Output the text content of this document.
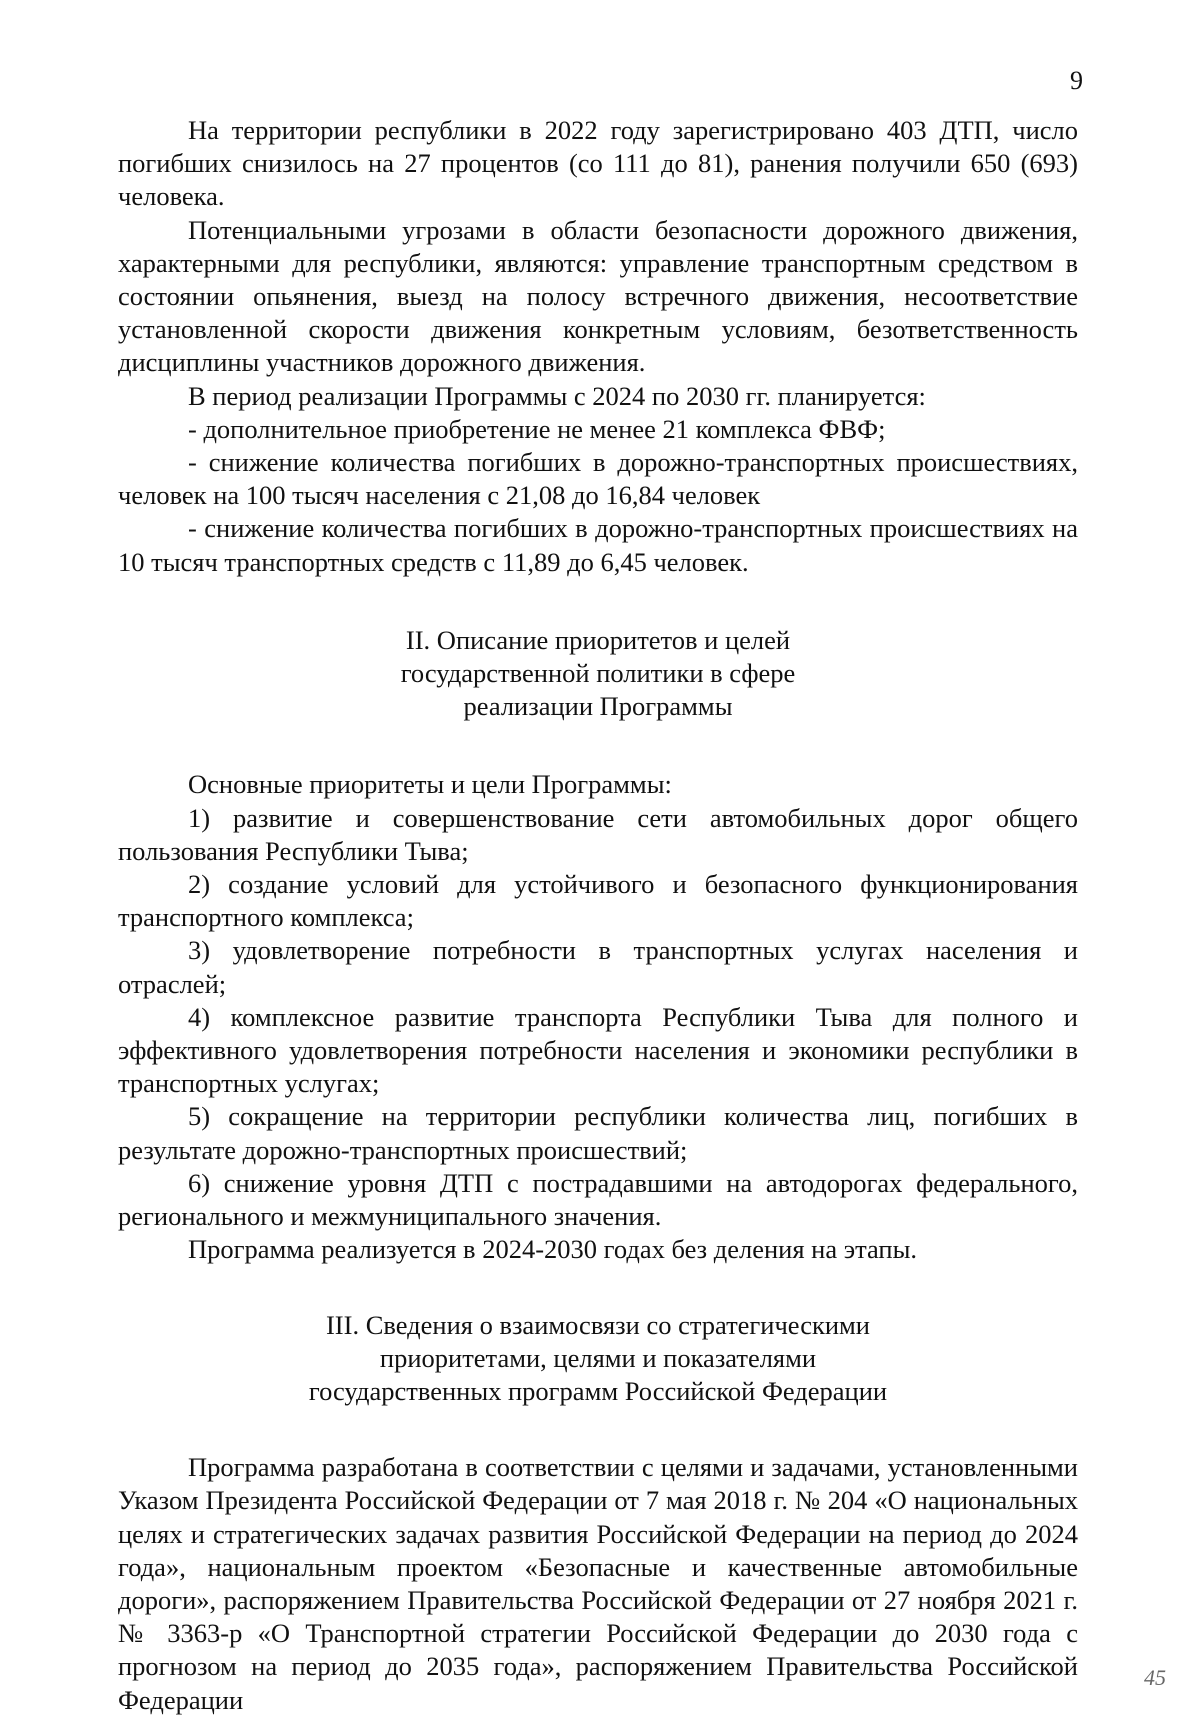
9

На территории республики в 2022 году зарегистрировано 403 ДТП, число погибших снизилось на 27 процентов (со 111 до 81), ранения получили 650 (693) человека.

Потенциальными угрозами в области безопасности дорожного движения, характерными для республики, являются: управление транспортным средством в состоянии опьянения, выезд на полосу встречного движения, несоответствие установленной скорости движения конкретным условиям, безответственность дисциплины участников дорожного движения.

В период реализации Программы с 2024 по 2030 гг. планируется:

- дополнительное приобретение не менее 21 комплекса ФВФ;

- снижение количества погибших в дорожно-транспортных происшествиях, человек на 100 тысяч населения с 21,08 до 16,84 человек

- снижение количества погибших в дорожно-транспортных происшествиях на 10 тысяч транспортных средств с 11,89 до 6,45 человек.

II. Описание приоритетов и целей
государственной политики в сфере
реализации Программы

Основные приоритеты и цели Программы:

1) развитие и совершенствование сети автомобильных дорог общего пользования Республики Тыва;

2) создание условий для устойчивого и безопасного функционирования транспортного комплекса;

3) удовлетворение потребности в транспортных услугах населения и отраслей;

4) комплексное развитие транспорта Республики Тыва для полного и эффективного удовлетворения потребности населения и экономики республики в транспортных услугах;

5) сокращение на территории республики количества лиц, погибших в результате дорожно-транспортных происшествий;

6) снижение уровня ДТП с пострадавшими на автодорогах федерального, регионального и межмуниципального значения.

Программа реализуется в 2024-2030 годах без деления на этапы.

III. Сведения о взаимосвязи со стратегическими
приоритетами, целями и показателями
государственных программ Российской Федерации

Программа разработана в соответствии с целями и задачами, установленными Указом Президента Российской Федерации от 7 мая 2018 г. № 204 «О национальных целях и стратегических задачах развития Российской Федерации на период до 2024 года», национальным проектом «Безопасные и качественные автомобильные дороги», распоряжением Правительства Российской Федерации от 27 ноября 2021 г. № 3363-р «О Транспортной стратегии Российской Федерации до 2030 года с прогнозом на период до 2035 года», распоряжением Правительства Российской Федерации

45
